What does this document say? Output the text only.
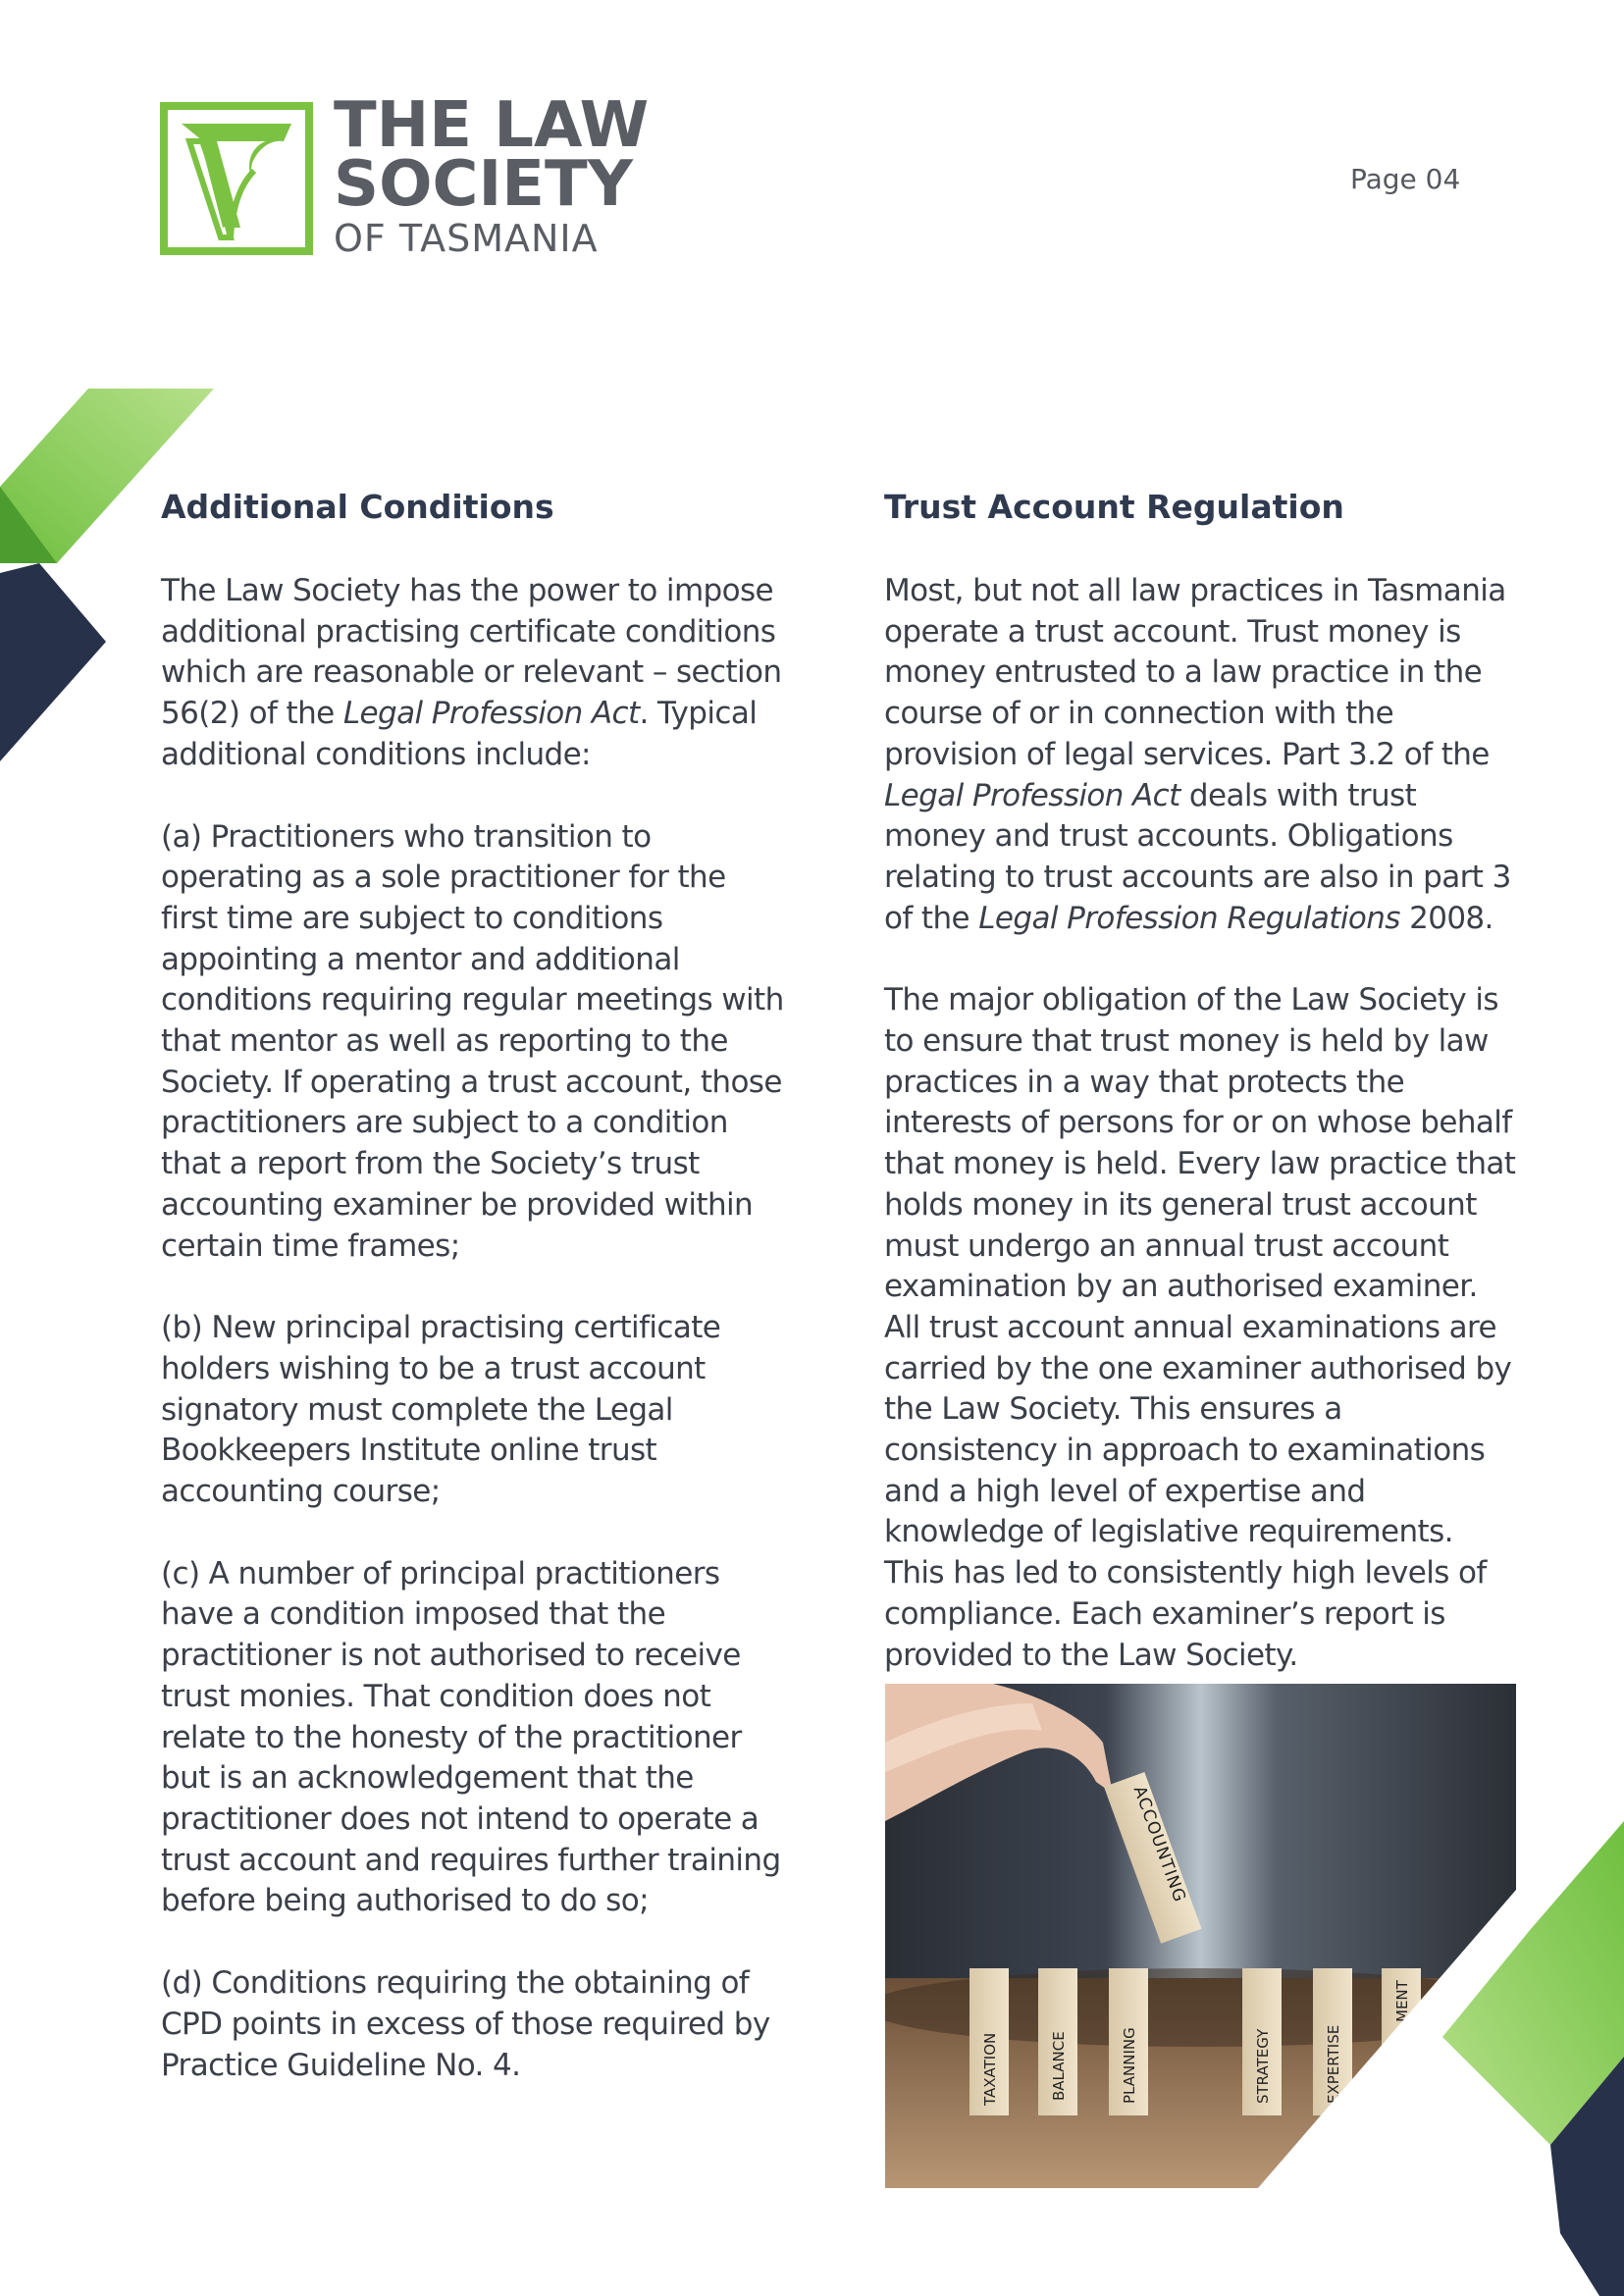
THE LAW
SOCIETY
OF TASMANIA
Page 04
Additional Conditions

The Law Society has the power to impose additional practising certificate conditions which are reasonable or relevant – section 56(2) of the Legal Profession Act. Typical additional conditions include:

(a) Practitioners who transition to operating as a sole practitioner for the first time are subject to conditions appointing a mentor and additional conditions requiring regular meetings with that mentor as well as reporting to the Society. If operating a trust account, those practitioners are subject to a condition that a report from the Society’s trust accounting examiner be provided within certain time frames;

(b) New principal practising certificate holders wishing to be a trust account signatory must complete the Legal Bookkeepers Institute online trust accounting course;

(c) A number of principal practitioners have a condition imposed that the practitioner is not authorised to receive trust monies. That condition does not relate to the honesty of the practitioner but is an acknowledgement that the practitioner does not intend to operate a trust account and requires further training before being authorised to do so;

(d) Conditions requiring the obtaining of CPD points in excess of those required by Practice Guideline No. 4.

Trust Account Regulation

Most, but not all law practices in Tasmania operate a trust account. Trust money is money entrusted to a law practice in the course of or in connection with the provision of legal services. Part 3.2 of the Legal Profession Act deals with trust money and trust accounts. Obligations relating to trust accounts are also in part 3 of the Legal Profession Regulations 2008.

The major obligation of the Law Society is to ensure that trust money is held by law practices in a way that protects the interests of persons for or on whose behalf that money is held. Every law practice that holds money in its general trust account must undergo an annual trust account examination by an authorised examiner. All trust account annual examinations are carried by the one examiner authorised by the Law Society. This ensures a consistency in approach to examinations and a high level of expertise and knowledge of legislative requirements. This has led to consistently high levels of compliance. Each examiner’s report is provided to the Law Society.

ACCOUNTING
TAXATION	BALANCE	PLANNING	STRATEGY	EXPERTISE
MENT
